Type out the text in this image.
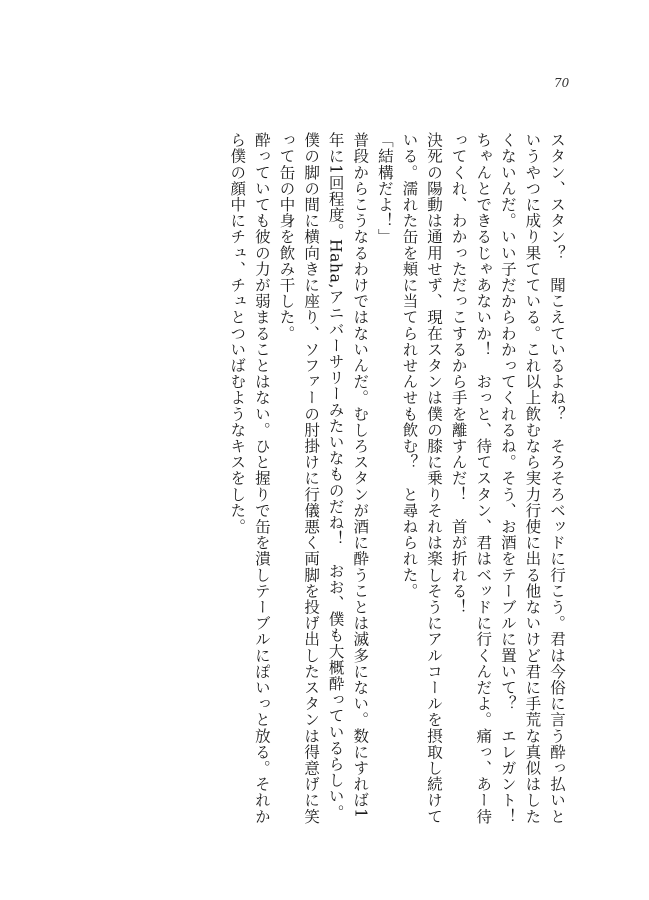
70

スタン、スタン？　聞こえているよね？　そろそろベッドに行こう。君は今俗に言う酔っ払いというやつに成り果てている。これ以上飲むなら実力行使に出る他ないけど君に手荒な真似はしたくないんだ。いい子だからわかってくれるね。そう、お酒をテーブルに置いて？　エレガント！　ちゃんとできるじゃあないか！　おっと、待てスタン、君はベッドに行くんだよ。痛っ、あー待ってくれ、わかっただっこするから手を離すんだ！　首が折れる！

決死の陽動は通用せず、現在スタンは僕の膝に乗りそれは楽しそうにアルコールを摂取し続けている。濡れた缶を頬に当てられせんせも飲む？　と尋ねられた。

「結構だよ！」

普段からこうなるわけではないんだ。むしろスタンが酒に酔うことは滅多にない。数にすれば1年に1回程度。Haha,アニバーサリーみたいなものだね！　おお、僕も大概酔っているらしい。

僕の脚の間に横向きに座り、ソファーの肘掛けに行儀悪く両脚を投げ出したスタンは得意げに笑って缶の中身を飲み干した。

酔っていても彼の力が弱まることはない。ひと握りで缶を潰しテーブルにぽいっと放る。それから僕の顔中にチュ、チュとついばむようなキスをした。
